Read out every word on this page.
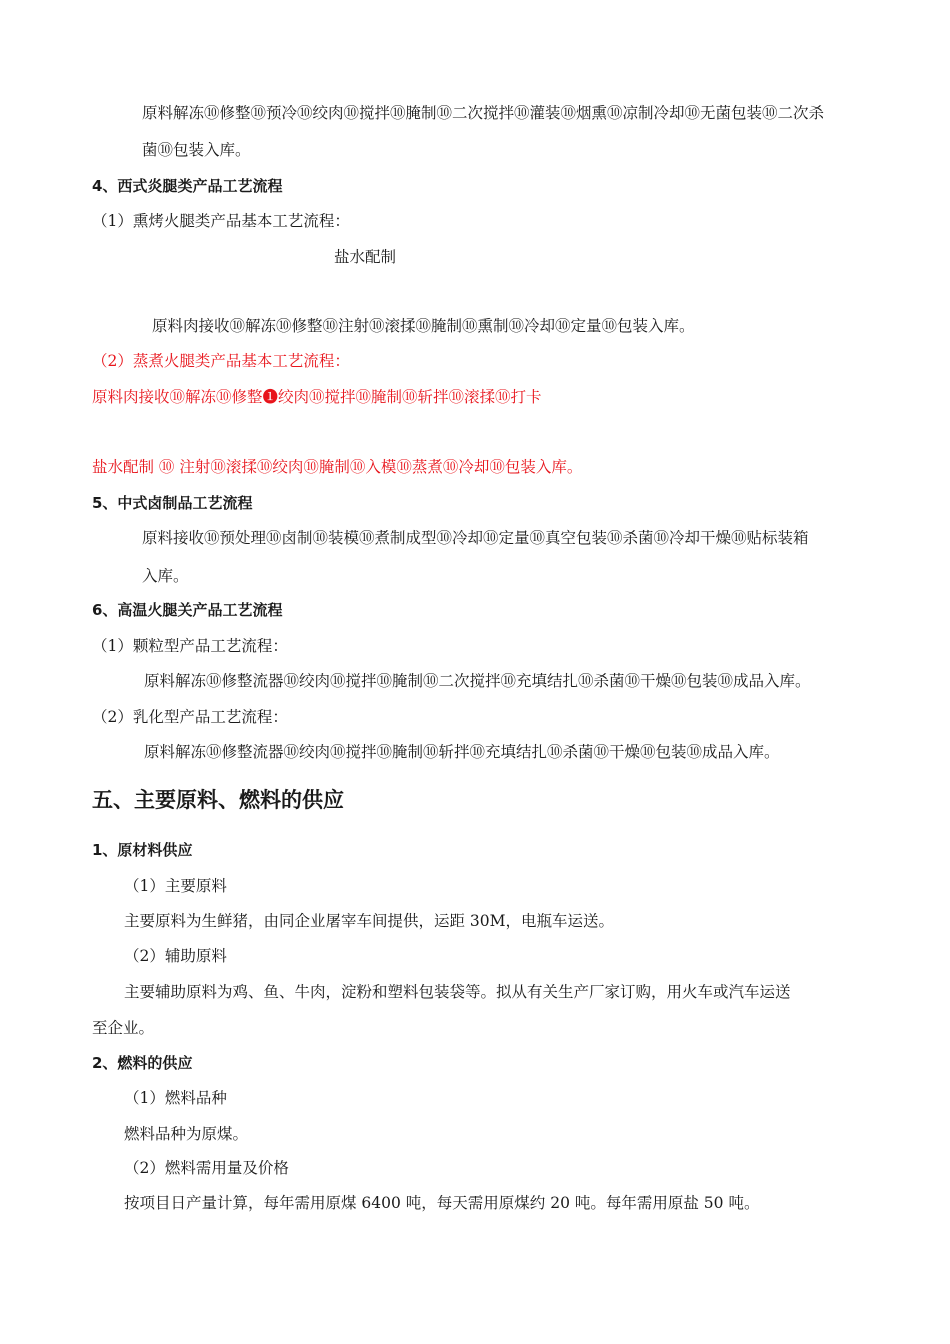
原料解冻⑩修整⑩预冷⑩绞肉⑩搅拌⑩腌制⑩二次搅拌⑩灌装⑩烟熏⑩凉制冷却⑩无菌包装⑩二次杀
菌⑩包装入库。
4、西式炎腿类产品工艺流程
（1）熏烤火腿类产品基本工艺流程：
盐水配制
原料肉接收⑩解冻⑩修整⑩注射⑩滚揉⑩腌制⑩熏制⑩冷却⑩定量⑩包装入库。
（2）蒸煮火腿类产品基本工艺流程：
原料肉接收⑩解冻⑩修整❶绞肉⑩搅拌⑩腌制⑩斩拌⑩滚揉⑩打卡
盐水配制 ⑩ 注射⑩滚揉⑩绞肉⑩腌制⑩入模⑩蒸煮⑩冷却⑩包装入库。
5、中式卤制品工艺流程
原料接收⑩预处理⑩卤制⑩装模⑩煮制成型⑩冷却⑩定量⑩真空包装⑩杀菌⑩冷却干燥⑩贴标装箱
入库。
6、高温火腿关产品工艺流程
（1）颗粒型产品工艺流程：
原料解冻⑩修整流器⑩绞肉⑩搅拌⑩腌制⑩二次搅拌⑩充填结扎⑩杀菌⑩干燥⑩包装⑩成品入库。
（2）乳化型产品工艺流程：
原料解冻⑩修整流器⑩绞肉⑩搅拌⑩腌制⑩斩拌⑩充填结扎⑩杀菌⑩干燥⑩包装⑩成品入库。
五、主要原料、燃料的供应
1、原材料供应
（1）主要原料
主要原料为生鲜猪，由同企业屠宰车间提供，运距 30M，电瓶车运送。
（2）辅助原料
主要辅助原料为鸡、鱼、牛肉，淀粉和塑料包装袋等。拟从有关生产厂家订购，用火车或汽车运送
至企业。
2、燃料的供应
（1）燃料品种
燃料品种为原煤。
（2）燃料需用量及价格
按项目日产量计算，每年需用原煤 6400 吨，每天需用原煤约 20 吨。每年需用原盐 50 吨。
